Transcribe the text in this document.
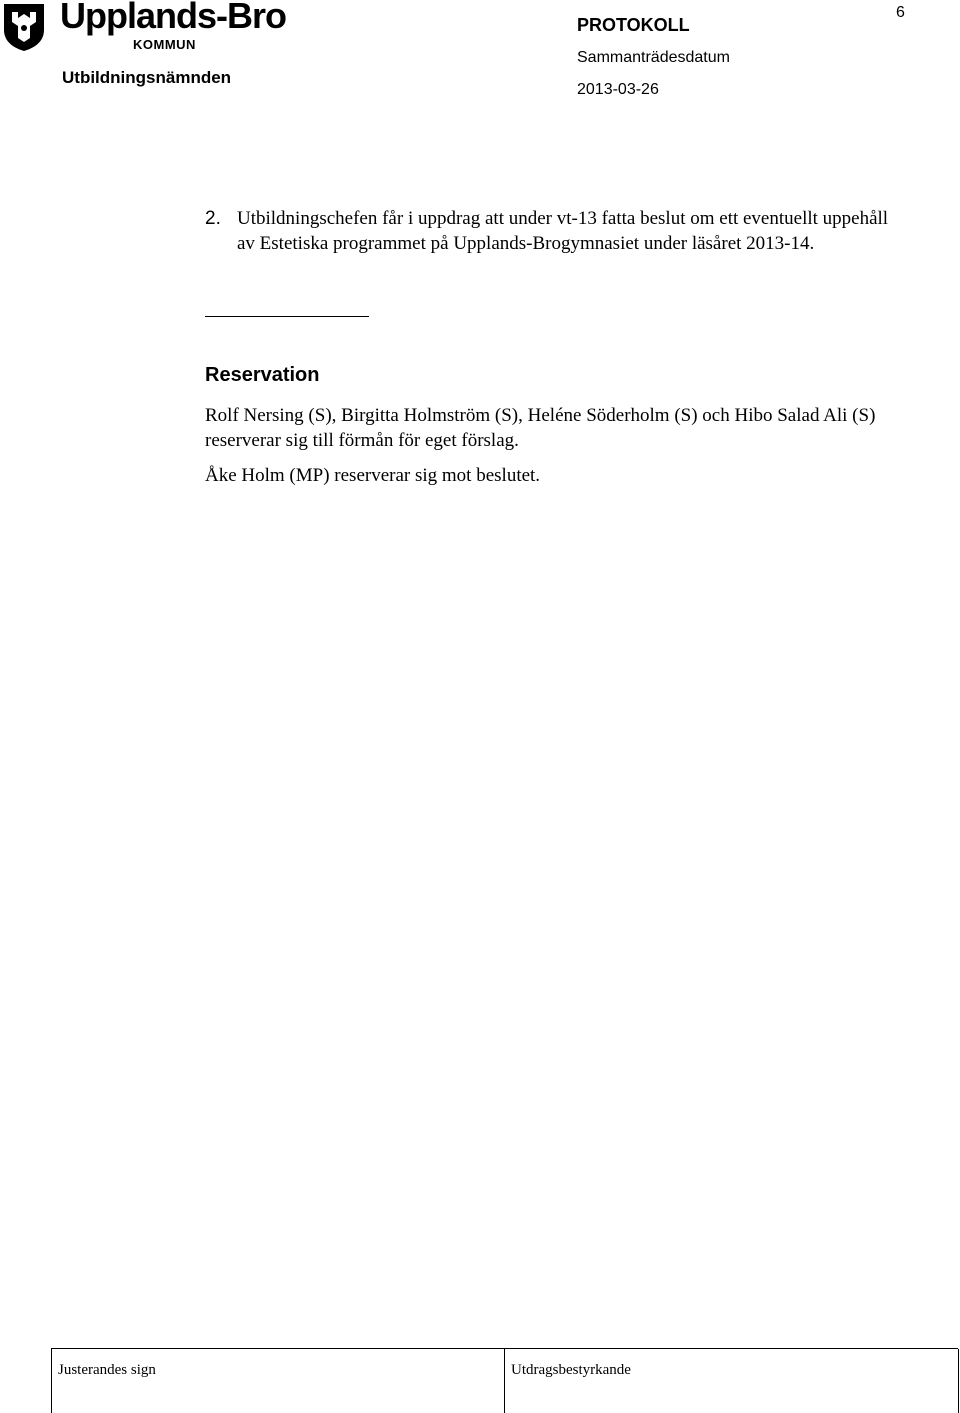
Upplands-Bro
KOMMUN
Utbildningsnämnden
PROTOKOLL
Sammanträdesdatum
2013-03-26
6
2. Utbildningschefen får i uppdrag att under vt-13 fatta beslut om ett eventuellt uppehåll av Estetiska programmet på Upplands-Brogymnasiet under läsåret 2013-14.
Reservation
Rolf Nersing (S), Birgitta Holmström (S), Heléne Söderholm (S) och Hibo Salad Ali (S) reserverar sig till förmån för eget förslag.
Åke Holm (MP) reserverar sig mot beslutet.
Justerandes sign	Utdragsbestyrkande
